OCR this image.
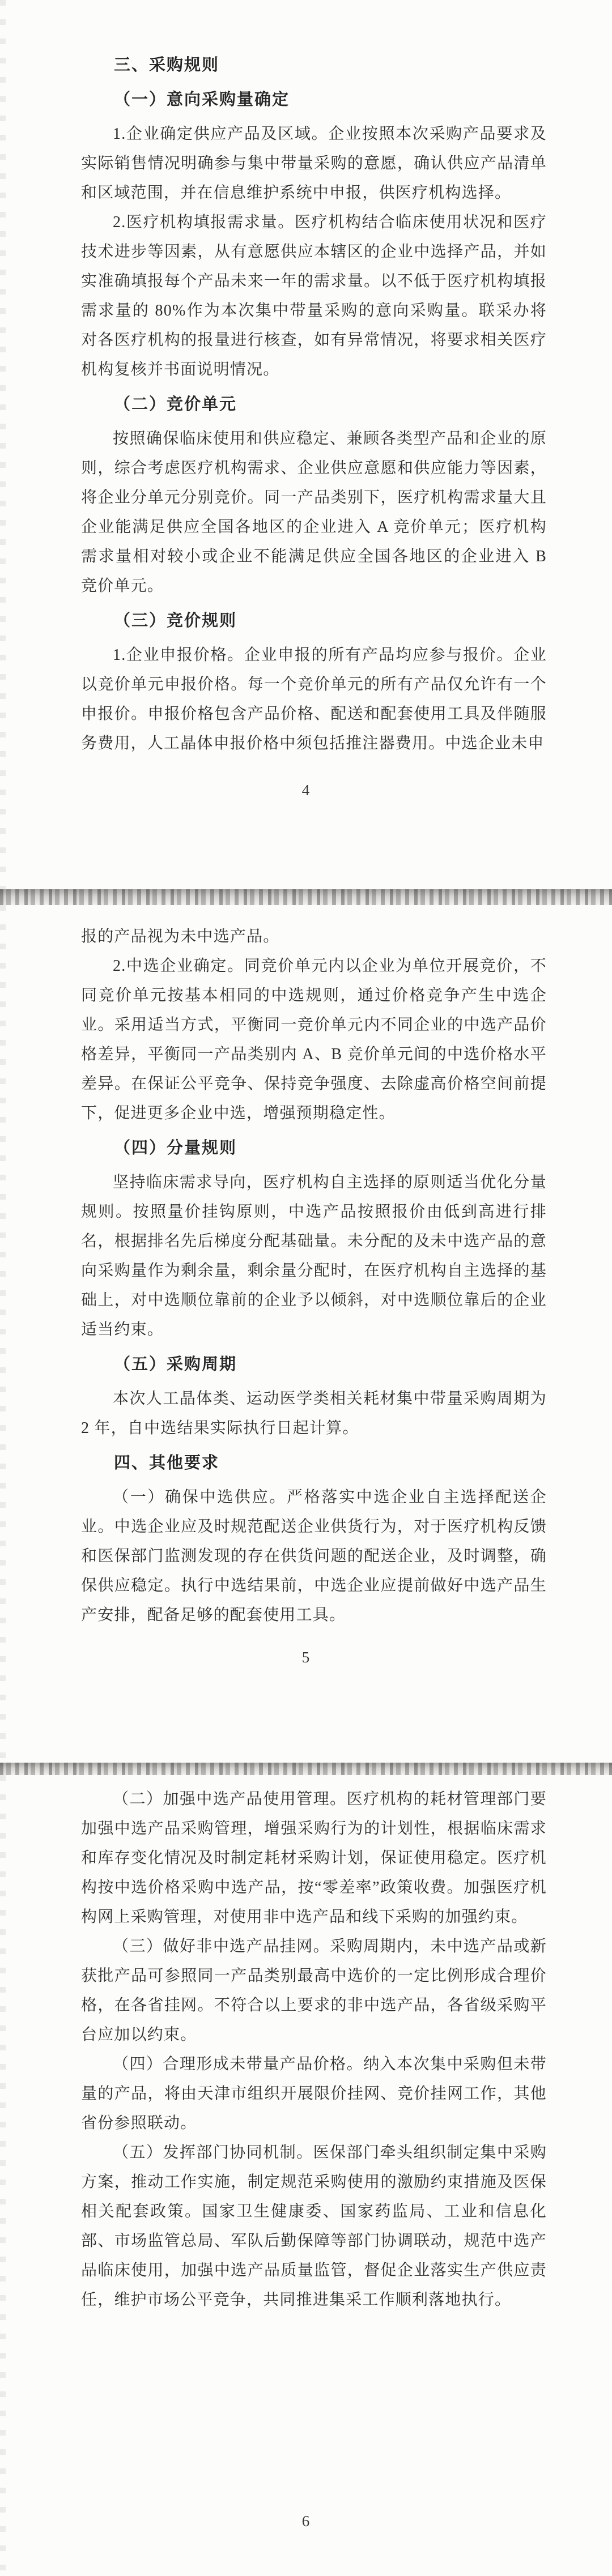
三、采购规则

（一）意向采购量确定

1.企业确定供应产品及区域。企业按照本次采购产品要求及实际销售情况明确参与集中带量采购的意愿，确认供应产品清单和区域范围，并在信息维护系统中申报，供医疗机构选择。

2.医疗机构填报需求量。医疗机构结合临床使用状况和医疗技术进步等因素，从有意愿供应本辖区的企业中选择产品，并如实准确填报每个产品未来一年的需求量。以不低于医疗机构填报需求量的 80%作为本次集中带量采购的意向采购量。联采办将对各医疗机构的报量进行核查，如有异常情况，将要求相关医疗机构复核并书面说明情况。

（二）竞价单元

按照确保临床使用和供应稳定、兼顾各类型产品和企业的原则，综合考虑医疗机构需求、企业供应意愿和供应能力等因素，将企业分单元分别竞价。同一产品类别下，医疗机构需求量大且企业能满足供应全国各地区的企业进入 A 竞价单元；医疗机构需求量相对较小或企业不能满足供应全国各地区的企业进入 B 竞价单元。

（三）竞价规则

1.企业申报价格。企业申报的所有产品均应参与报价。企业以竞价单元申报价格。每一个竞价单元的所有产品仅允许有一个申报价。申报价格包含产品价格、配送和配套使用工具及伴随服务费用，人工晶体申报价格中须包括推注器费用。中选企业未申

4

报的产品视为未中选产品。

2.中选企业确定。同竞价单元内以企业为单位开展竞价，不同竞价单元按基本相同的中选规则，通过价格竞争产生中选企业。采用适当方式，平衡同一竞价单元内不同企业的中选产品价格差异，平衡同一产品类别内 A、B 竞价单元间的中选价格水平差异。在保证公平竞争、保持竞争强度、去除虚高价格空间前提下，促进更多企业中选，增强预期稳定性。

（四）分量规则

坚持临床需求导向，医疗机构自主选择的原则适当优化分量规则。按照量价挂钩原则，中选产品按照报价由低到高进行排名，根据排名先后梯度分配基础量。未分配的及未中选产品的意向采购量作为剩余量，剩余量分配时，在医疗机构自主选择的基础上，对中选顺位靠前的企业予以倾斜，对中选顺位靠后的企业适当约束。

（五）采购周期

本次人工晶体类、运动医学类相关耗材集中带量采购周期为 2 年，自中选结果实际执行日起计算。

四、其他要求

（一）确保中选供应。严格落实中选企业自主选择配送企业。中选企业应及时规范配送企业供货行为，对于医疗机构反馈和医保部门监测发现的存在供货问题的配送企业，及时调整，确保供应稳定。执行中选结果前，中选企业应提前做好中选产品生产安排，配备足够的配套使用工具。

5

（二）加强中选产品使用管理。医疗机构的耗材管理部门要加强中选产品采购管理，增强采购行为的计划性，根据临床需求和库存变化情况及时制定耗材采购计划，保证使用稳定。医疗机构按中选价格采购中选产品，按“零差率”政策收费。加强医疗机构网上采购管理，对使用非中选产品和线下采购的加强约束。

（三）做好非中选产品挂网。采购周期内，未中选产品或新获批产品可参照同一产品类别最高中选价的一定比例形成合理价格，在各省挂网。不符合以上要求的非中选产品，各省级采购平台应加以约束。

（四）合理形成未带量产品价格。纳入本次集中采购但未带量的产品，将由天津市组织开展限价挂网、竞价挂网工作，其他省份参照联动。

（五）发挥部门协同机制。医保部门牵头组织制定集中采购方案，推动工作实施，制定规范采购使用的激励约束措施及医保相关配套政策。国家卫生健康委、国家药监局、工业和信息化部、市场监管总局、军队后勤保障等部门协调联动，规范中选产品临床使用，加强中选产品质量监管，督促企业落实生产供应责任，维护市场公平竞争，共同推进集采工作顺利落地执行。

6
